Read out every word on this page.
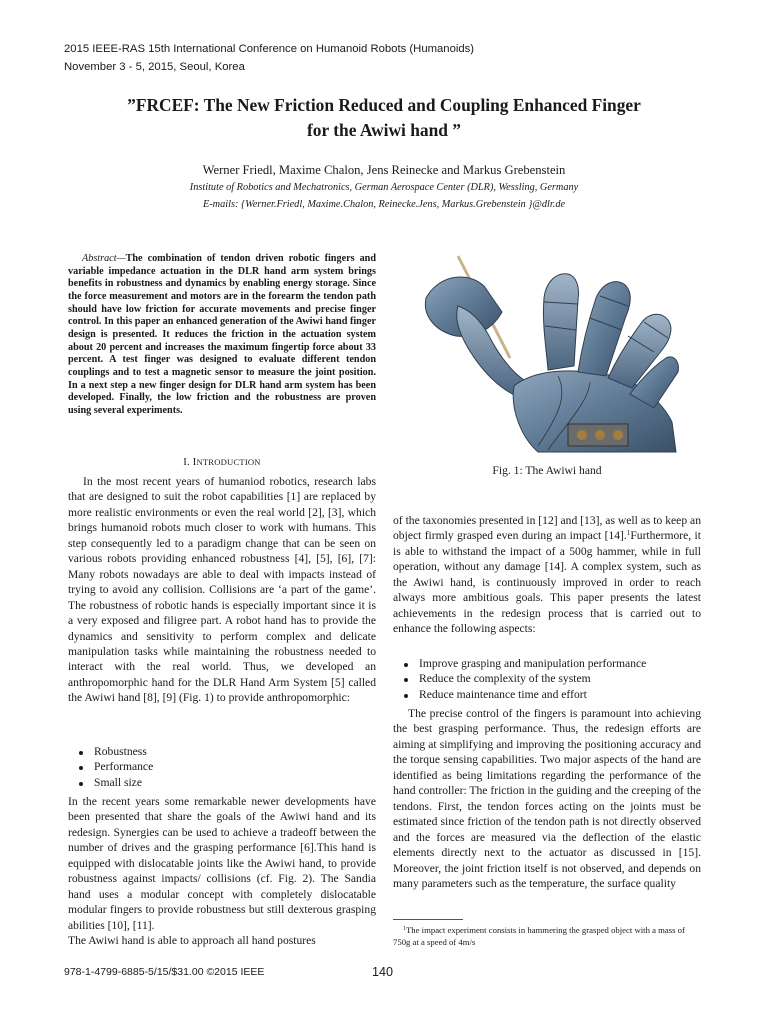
2015 IEEE-RAS 15th International Conference on Humanoid Robots (Humanoids)
November 3 - 5, 2015, Seoul, Korea
”FRCEF: The New Friction Reduced and Coupling Enhanced Finger
for the Awiwi hand ”
Werner Friedl, Maxime Chalon, Jens Reinecke and Markus Grebenstein
Institute of Robotics and Mechatronics, German Aerospace Center (DLR), Wessling, Germany
E-mails: {Werner.Friedl, Maxime.Chalon, Reinecke.Jens, Markus.Grebenstein }@dlr.de
Abstract—The combination of tendon driven robotic fingers and variable impedance actuation in the DLR hand arm system brings benefits in robustness and dynamics by enabling energy storage. Since the force measurement and motors are in the forearm the tendon path should have low friction for accurate movements and precise finger control. In this paper an enhanced generation of the Awiwi hand finger design is presented. It reduces the friction in the actuation system about 20 percent and increases the maximum fingertip force about 33 percent. A test finger was designed to evaluate different tendon couplings and to test a magnetic sensor to measure the joint position. In a next step a new finger design for DLR hand arm system has been developed. Finally, the low friction and the robustness are proven using several experiments.
I. INTRODUCTION

In the most recent years of humaniod robotics, research labs that are designed to suit the robot capabilities [1] are replaced by more realistic environments or even the real world [2], [3], which brings humanoid robots much closer to work with humans. This step consequently led to a paradigm change that can be seen on various robots providing enhanced robustness [4], [5], [6], [7]: Many robots nowadays are able to deal with impacts instead of trying to avoid any collision. Collisions are ‘a part of the game’. The robustness of robotic hands is especially important since it is a very exposed and filigree part. A robot hand has to provide the dynamics and sensitivity to perform complex and delicate manipulation tasks while maintaining the robustness needed to interact with the real world. Thus, we developed an anthropomorphic hand for the DLR Hand Arm System [5] called the Awiwi hand [8], [9] (Fig. 1) to provide anthropomorphic:

Robustness
Performance
Small size

In the recent years some remarkable newer developments have been presented that share the goals of the Awiwi hand and its redesign. Synergies can be used to achieve a tradeoff between the number of drives and the grasping performance [6].This hand is equipped with dislocatable joints like the Awiwi hand, to provide robustness against impacts/ collisions (cf. Fig. 2). The Sandia hand uses a modular concept with completely dislocatable modular fingers to provide robustness but still dexterous grasping abilities [10], [11].

The Awiwi hand is able to approach all hand postures

Fig. 1: The Awiwi hand

of the taxonomies presented in [12] and [13], as well as to keep an object firmly grasped even during an impact [14].$^1$Furthermore, it is able to withstand the impact of a 500g hammer, while in full operation, without any damage [14]. A complex system, such as the Awiwi hand, is continuously improved in order to reach always more ambitious goals. This paper presents the latest achievements in the redesign process that is carried out to enhance the following aspects:

Improve grasping and manipulation performance
Reduce the complexity of the system
Reduce maintenance time and effort

The precise control of the fingers is paramount into achieving the best grasping performance. Thus, the redesign efforts are aiming at simplifying and improving the positioning accuracy and the torque sensing capabilities. Two major aspects of the hand are identified as being limitations regarding the performance of the hand controller: The friction in the guiding and the creeping of the tendons. First, the tendon forces acting on the joints must be estimated since friction of the tendon path is not directly observed and the forces are measured via the deflection of the elastic elements directly next to the actuator as discussed in [15]. Moreover, the joint friction itself is not observed, and depends on many parameters such as the temperature, the surface quality

$^1$The impact experiment consists in hammering the grasped object with a mass of 750g at a speed of 4m/s
978-1-4799-6885-5/15/$31.00 ©2015 IEEE	140
